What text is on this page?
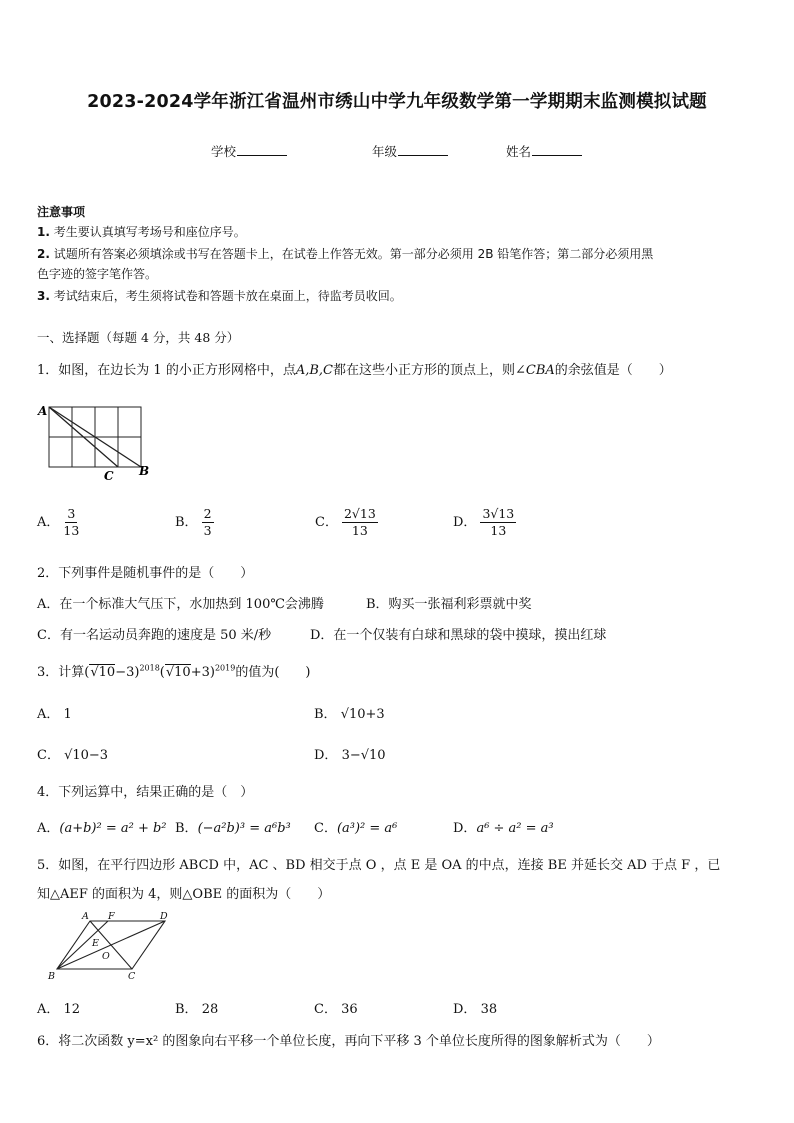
2023-2024学年浙江省温州市绣山中学九年级数学第一学期期末监测模拟试题
学校	年级	姓名
注意事项
1. 考生要认真填写考场号和座位序号。
2. 试题所有答案必须填涂或书写在答题卡上，在试卷上作答无效。第一部分必须用 2B 铅笔作答；第二部分必须用黑
色字迹的签字笔作答。
3. 考试结束后，考生须将试卷和答题卡放在桌面上，待监考员收回。
一、选择题（每题 4 分，共 48 分）
1．如图，在边长为 1 的小正方形网格中，点A,B,C都在这些小正方形的顶点上，则∠CBA的余弦值是（　　）
A
C B
A． $\frac{3}{13}$	B． $\frac{2}{3}$	C． $\frac{2√13}{13}$	D． $\frac{3√13}{13}$
2．下列事件是随机事件的是（　　）
A．在一个标准大气压下，水加热到 100℃会沸腾	B．购买一张福利彩票就中奖
C．有一名运动员奔跑的速度是 50 米/秒	D．在一个仅装有白球和黑球的袋中摸球，摸出红球
3．计算$(√10-3)^{2018}(√10+3)^{2019}$的值为(　　)
A． 1	B． √10+3
C． √10−3	D． 3−√10
4．下列运算中，结果正确的是（　）
A．(a+b)² = a² + b² B．(−a²b)³ = a⁶b³ C．(a³)² = a⁶	D．a⁶ ÷ a² = a³
5．如图，在平行四边形 ABCD 中，AC 、BD 相交于点 O ，点 E 是 OA 的中点，连接 BE 并延长交 AD 于点 F ，已
知△AEF 的面积为 4，则△OBE 的面积为（　　）
A F	D
E
O
B	C
A． 12	B． 28	C． 36	D． 38
6．将二次函数 y=x² 的图象向右平移一个单位长度，再向下平移 3 个单位长度所得的图象解析式为（　　）
